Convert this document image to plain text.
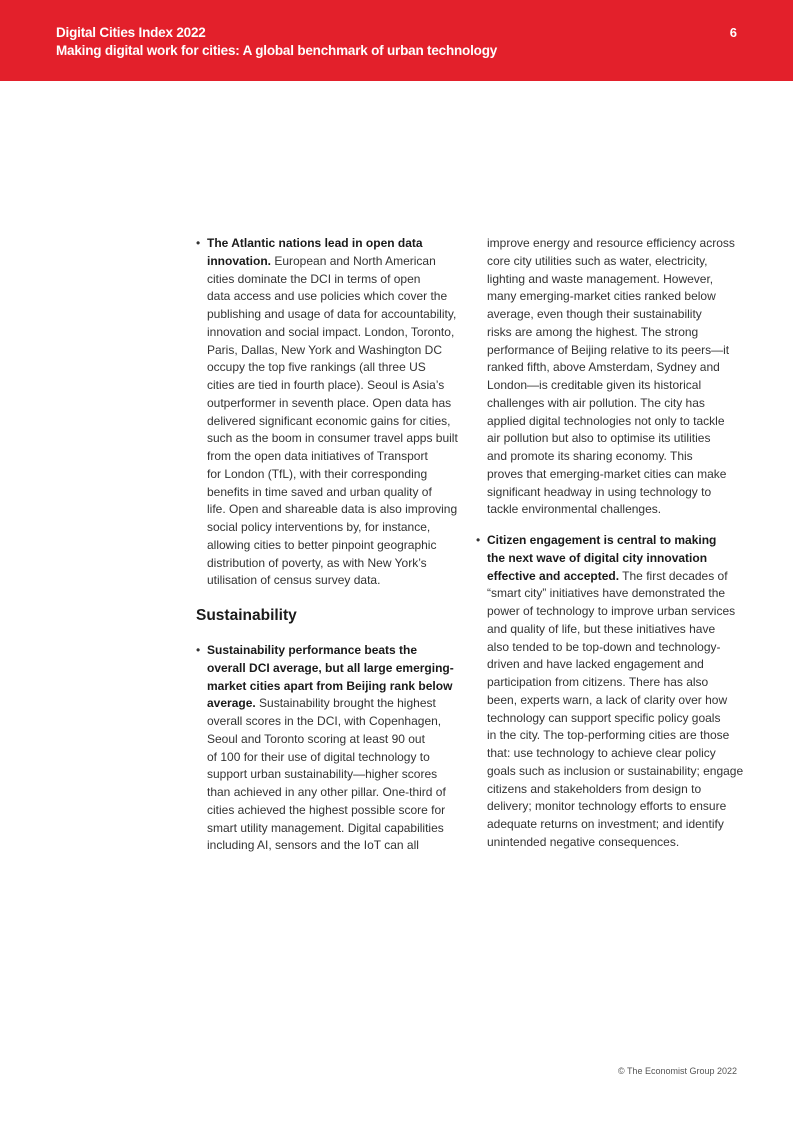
Digital Cities Index 2022
Making digital work for cities: A global benchmark of urban technology
6
• The Atlantic nations lead in open data
innovation. European and North American
cities dominate the DCI in terms of open
data access and use policies which cover the
publishing and usage of data for accountability,
innovation and social impact. London, Toronto,
Paris, Dallas, New York and Washington DC
occupy the top five rankings (all three US
cities are tied in fourth place). Seoul is Asia’s
outperformer in seventh place. Open data has
delivered significant economic gains for cities,
such as the boom in consumer travel apps built
from the open data initiatives of Transport
for London (TfL), with their corresponding
benefits in time saved and urban quality of
life. Open and shareable data is also improving
social policy interventions by, for instance,
allowing cities to better pinpoint geographic
distribution of poverty, as with New York’s
utilisation of census survey data.

Sustainability
• Sustainability performance beats the
overall DCI average, but all large emerging-
market cities apart from Beijing rank below
average. Sustainability brought the highest
overall scores in the DCI, with Copenhagen,
Seoul and Toronto scoring at least 90 out
of 100 for their use of digital technology to
support urban sustainability—higher scores
than achieved in any other pillar. One-third of
cities achieved the highest possible score for
smart utility management. Digital capabilities
including AI, sensors and the IoT can all

improve energy and resource efficiency across
core city utilities such as water, electricity,
lighting and waste management. However,
many emerging-market cities ranked below
average, even though their sustainability
risks are among the highest. The strong
performance of Beijing relative to its peers—it
ranked fifth, above Amsterdam, Sydney and
London—is creditable given its historical
challenges with air pollution. The city has
applied digital technologies not only to tackle
air pollution but also to optimise its utilities
and promote its sharing economy. This
proves that emerging-market cities can make
significant headway in using technology to
tackle environmental challenges.

• Citizen engagement is central to making
the next wave of digital city innovation
effective and accepted. The first decades of
“smart city” initiatives have demonstrated the
power of technology to improve urban services
and quality of life, but these initiatives have
also tended to be top-down and technology-
driven and have lacked engagement and
participation from citizens. There has also
been, experts warn, a lack of clarity over how
technology can support specific policy goals
in the city. The top-performing cities are those
that: use technology to achieve clear policy
goals such as inclusion or sustainability; engage
citizens and stakeholders from design to
delivery; monitor technology efforts to ensure
adequate returns on investment; and identify
unintended negative consequences.

© The Economist Group 2022
